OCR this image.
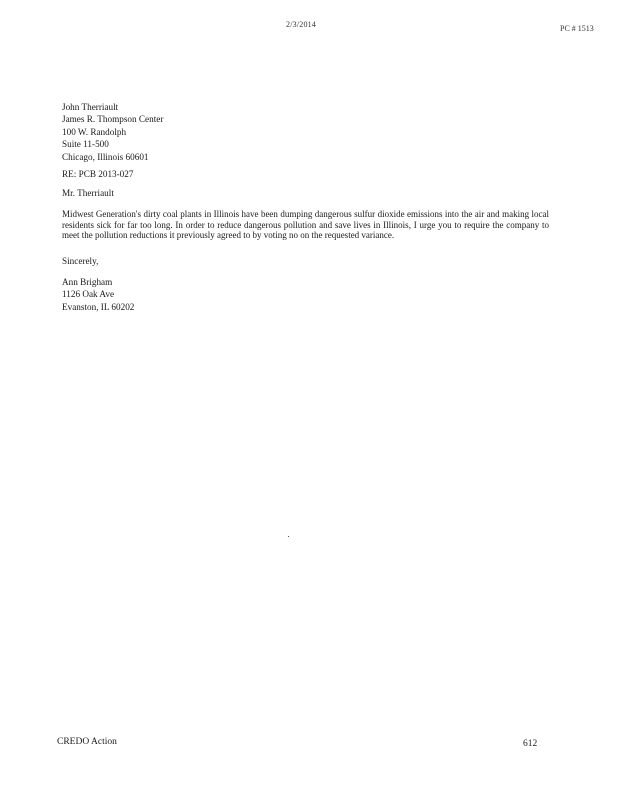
2/3/2014	PC # 1513
John Therriault
James R. Thompson Center
100 W. Randolph
Suite 11-500
Chicago, Illinois 60601
RE: PCB 2013-027
Mr. Therriault
Midwest Generation's dirty coal plants in Illinois have been dumping dangerous sulfur dioxide emissions into the air and making local residents sick for far too long. In order to reduce dangerous pollution and save lives in Illinois, I urge you to require the company to meet the pollution reductions it previously agreed to by voting no on the requested variance.
Sincerely,
Ann Brigham
1126 Oak Ave
Evanston, IL 60202
CREDO Action	612
